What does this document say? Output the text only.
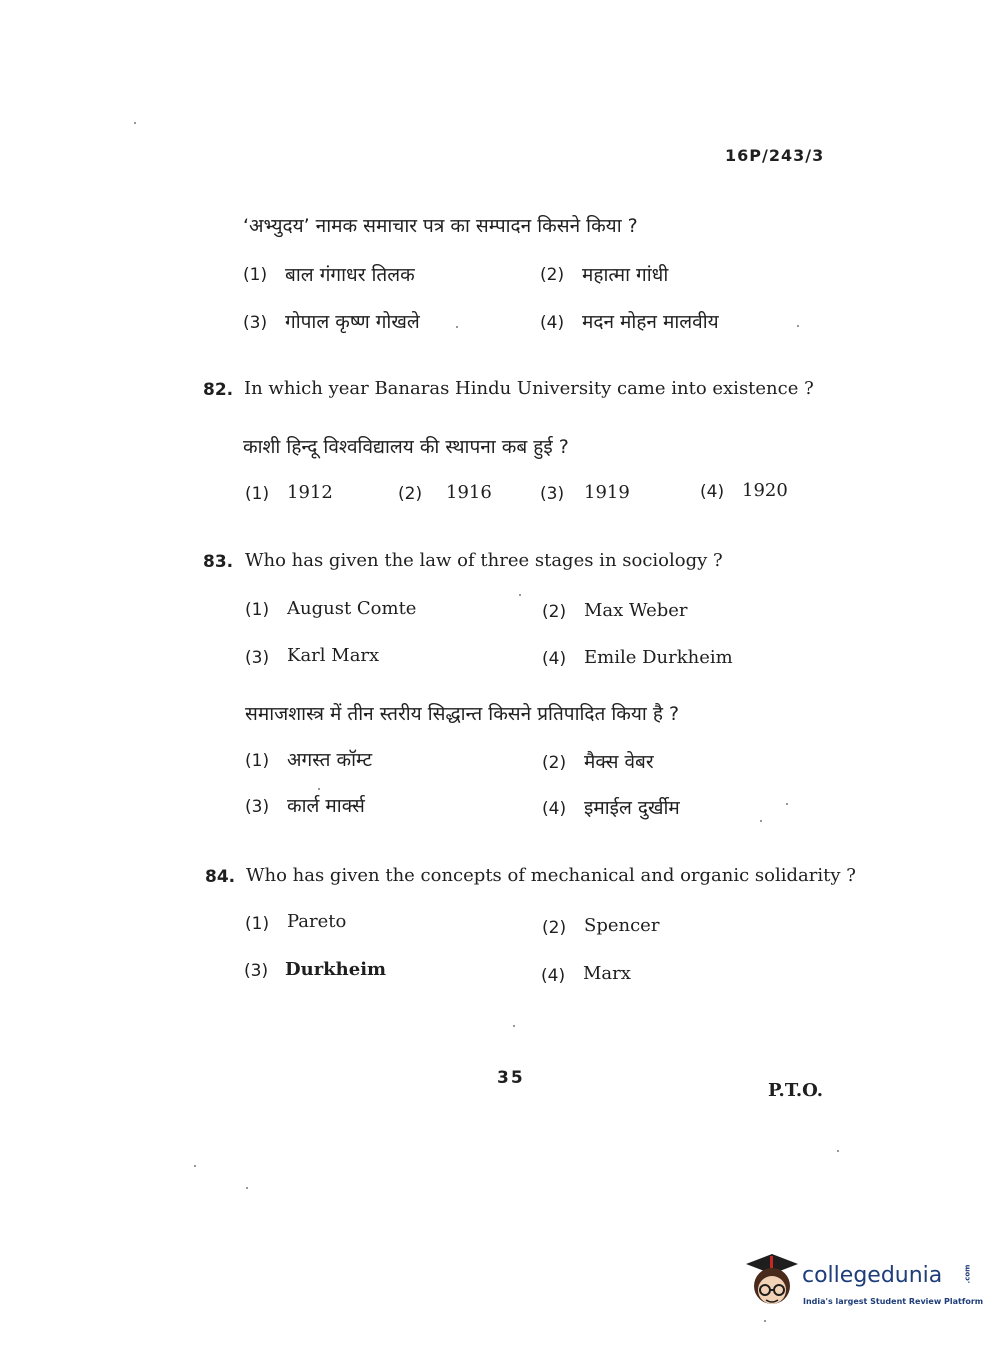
16P/243/3
‘अभ्युदय’ नामक समाचार पत्र का सम्पादन किसने किया ?
(1) बाल गंगाधर तिलक	(2) महात्मा गांधी
(3) गोपाल कृष्ण गोखले	(4) मदन मोहन मालवीय
82. In which year Banaras Hindu University came into existence ?
काशी हिन्दू विश्वविद्यालय की स्थापना कब हुई ?
(1) 1912	(2) 1916	(3) 1919	(4) 1920
83. Who has given the law of three stages in sociology ?
(1) August Comte	(2) Max Weber
(3) Karl Marx	(4) Emile Durkheim
समाजशास्त्र में तीन स्तरीय सिद्धान्त किसने प्रतिपादित किया है ?
(1) अगस्त कॉम्ट	(2) मैक्स वेबर
(3) कार्ल मार्क्स	(4) इमाईल दुर्खीम
84. Who has given the concepts of mechanical and organic solidarity ?
(1) Pareto	(2) Spencer
(3) Durkheim	(4) Marx
35
P.T.O.
collegedunia	.com
India's largest Student Review Platform
